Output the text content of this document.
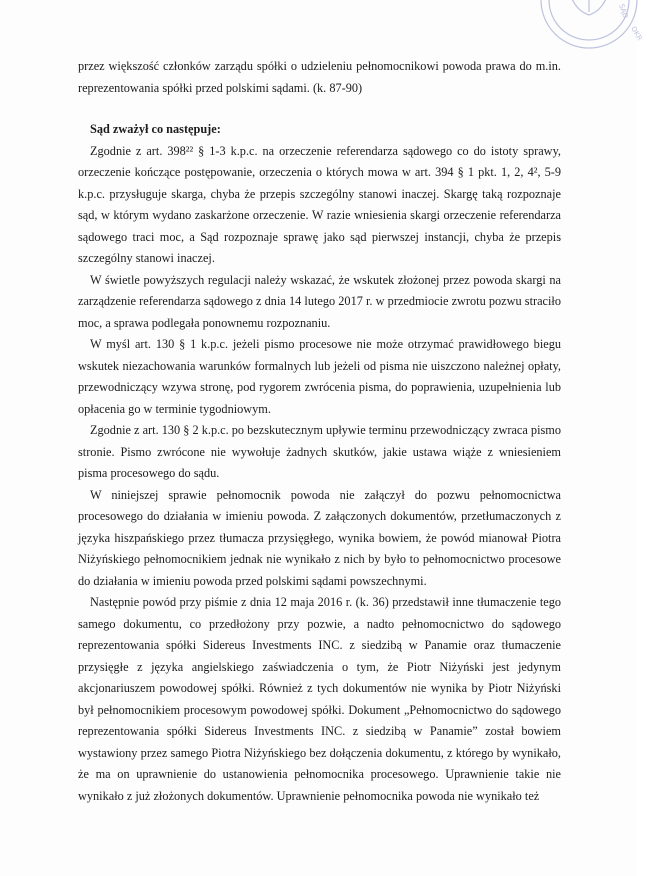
SĄD
OKR

przez większość członków zarządu spółki o udzieleniu pełnomocnikowi powoda prawa do m.in. reprezentowania spółki przed polskimi sądami. (k. 87-90)

Sąd zważył co następuje:

Zgodnie z art. 398²² § 1-3 k.p.c. na orzeczenie referendarza sądowego co do istoty sprawy, orzeczenie kończące postępowanie, orzeczenia o których mowa w art. 394 § 1 pkt. 1, 2, 4², 5-9 k.p.c. przysługuje skarga, chyba że przepis szczególny stanowi inaczej. Skargę taką rozpoznaje sąd, w którym wydano zaskarżone orzeczenie. W razie wniesienia skargi orzeczenie referendarza sądowego traci moc, a Sąd rozpoznaje sprawę jako sąd pierwszej instancji, chyba że przepis szczególny stanowi inaczej.

W świetle powyższych regulacji należy wskazać, że wskutek złożonej przez powoda skargi na zarządzenie referendarza sądowego z dnia 14 lutego 2017 r. w przedmiocie zwrotu pozwu straciło moc, a sprawa podlegała ponownemu rozpoznaniu.

W myśl art. 130 § 1 k.p.c. jeżeli pismo procesowe nie może otrzymać prawidłowego biegu wskutek niezachowania warunków formalnych lub jeżeli od pisma nie uiszczono należnej opłaty, przewodniczący wzywa stronę, pod rygorem zwrócenia pisma, do poprawienia, uzupełnienia lub opłacenia go w terminie tygodniowym.

Zgodnie z art. 130 § 2 k.p.c. po bezskutecznym upływie terminu przewodniczący zwraca pismo stronie. Pismo zwrócone nie wywołuje żadnych skutków, jakie ustawa wiąże z wniesieniem pisma procesowego do sądu.

W niniejszej sprawie pełnomocnik powoda nie załączył do pozwu pełnomocnictwa procesowego do działania w imieniu powoda. Z załączonych dokumentów, przetłumaczonych z języka hiszpańskiego przez tłumacza przysięgłego, wynika bowiem, że powód mianował Piotra Niżyńskiego pełnomocnikiem jednak nie wynikało z nich by było to pełnomocnictwo procesowe do działania w imieniu powoda przed polskimi sądami powszechnymi.

Następnie powód przy piśmie z dnia 12 maja 2016 r. (k. 36) przedstawił inne tłumaczenie tego samego dokumentu, co przedłożony przy pozwie, a nadto pełnomocnictwo do sądowego reprezentowania spółki Sidereus Investments INC. z siedzibą w Panamie oraz tłumaczenie przysięgłe z języka angielskiego zaświadczenia o tym, że Piotr Niżyński jest jedynym akcjonariuszem powodowej spółki. Również z tych dokumentów nie wynika by Piotr Niżyński był pełnomocnikiem procesowym powodowej spółki. Dokument „Pełnomocnictwo do sądowego reprezentowania spółki Sidereus Investments INC. z siedzibą w Panamie” został bowiem wystawiony przez samego Piotra Niżyńskiego bez dołączenia dokumentu, z którego by wynikało, że ma on uprawnienie do ustanowienia pełnomocnika procesowego. Uprawnienie takie nie wynikało z już złożonych dokumentów. Uprawnienie pełnomocnika powoda nie wynikało też
